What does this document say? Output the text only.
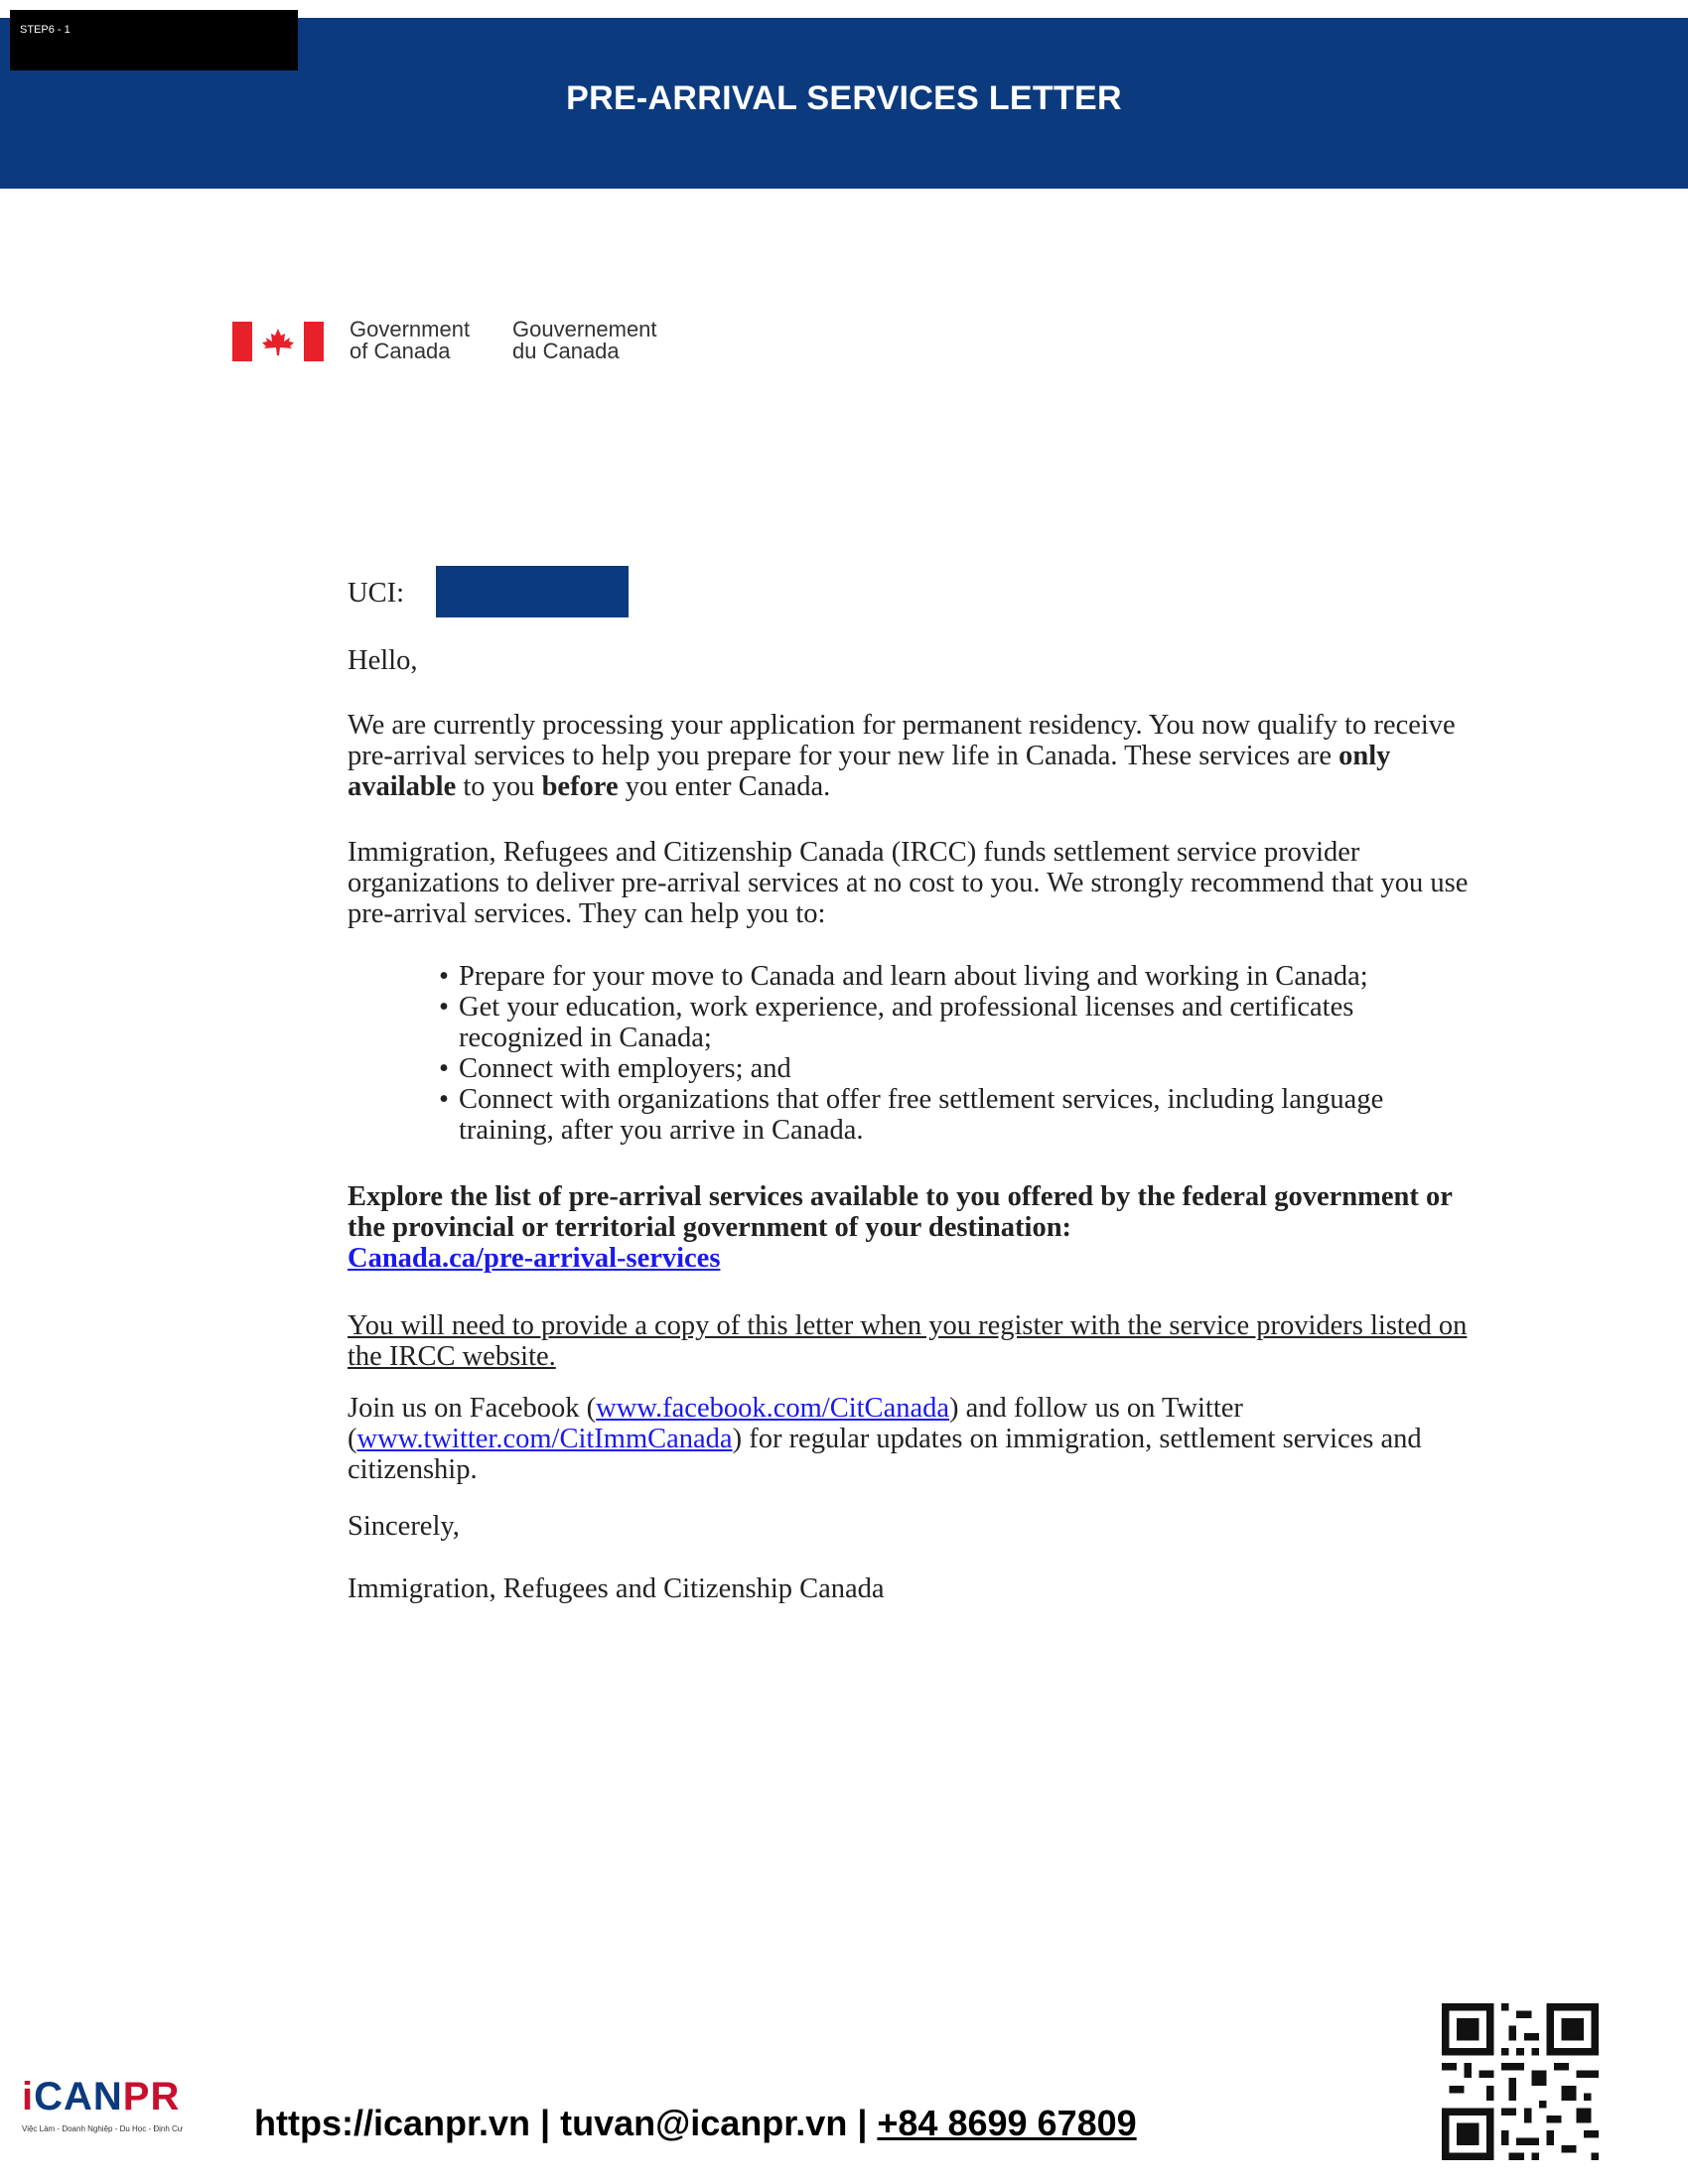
STEP6 - 1
PRE-ARRIVAL SERVICES LETTER
Government
of Canada
Gouvernement
du Canada
UCI:

Hello,

We are currently processing your application for permanent residency. You now qualify to receive pre-arrival services to help you prepare for your new life in Canada. These services are only available to you before you enter Canada.

Immigration, Refugees and Citizenship Canada (IRCC) funds settlement service provider organizations to deliver pre-arrival services at no cost to you. We strongly recommend that you use pre-arrival services. They can help you to:

• Prepare for your move to Canada and learn about living and working in Canada;
• Get your education, work experience, and professional licenses and certificates recognized in Canada;
• Connect with employers; and
• Connect with organizations that offer free settlement services, including language training, after you arrive in Canada.

Explore the list of pre-arrival services available to you offered by the federal government or the provincial or territorial government of your destination:
Canada.ca/pre-arrival-services

You will need to provide a copy of this letter when you register with the service providers listed on the IRCC website.

Join us on Facebook (www.facebook.com/CitCanada) and follow us on Twitter (www.twitter.com/CitImmCanada) for regular updates on immigration, settlement services and citizenship.

Sincerely,

Immigration, Refugees and Citizenship Canada

iCANPR
Việc Làm - Doanh Nghiệp - Du Học - Định Cư	https://icanpr.vn | tuvan@icanpr.vn | +84 8699 67809
